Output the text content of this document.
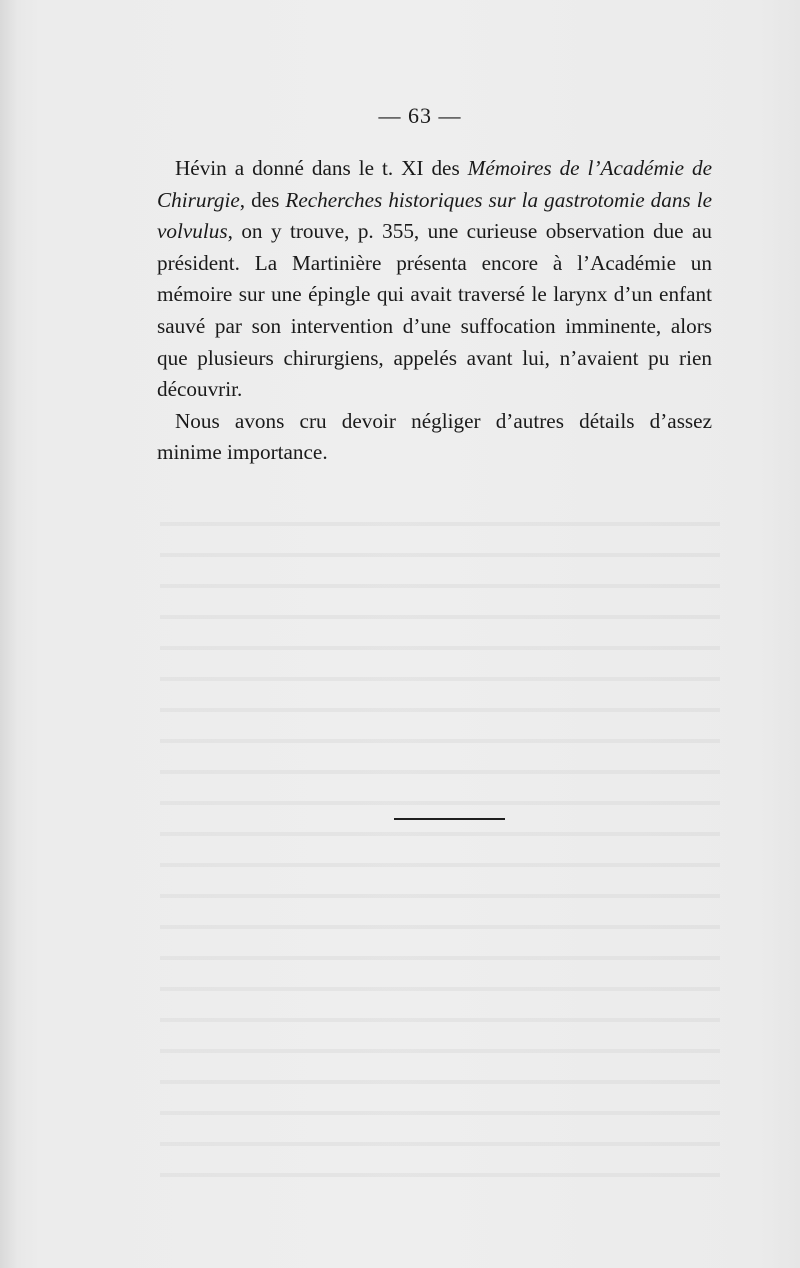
— 63 —

Hévin a donné dans le t. XI des Mémoires de l’Académie de Chirurgie, des Recherches historiques sur la gastrotomie dans le volvulus, on y trouve, p. 355, une curieuse observation due au président. La Martinière présenta encore à l’Académie un mémoire sur une épingle qui avait traversé le larynx d’un enfant sauvé par son intervention d’une suffocation imminente, alors que plusieurs chirurgiens, appelés avant lui, n’avaient pu rien découvrir.

Nous avons cru devoir négliger d’autres détails d’assez minime importance.
